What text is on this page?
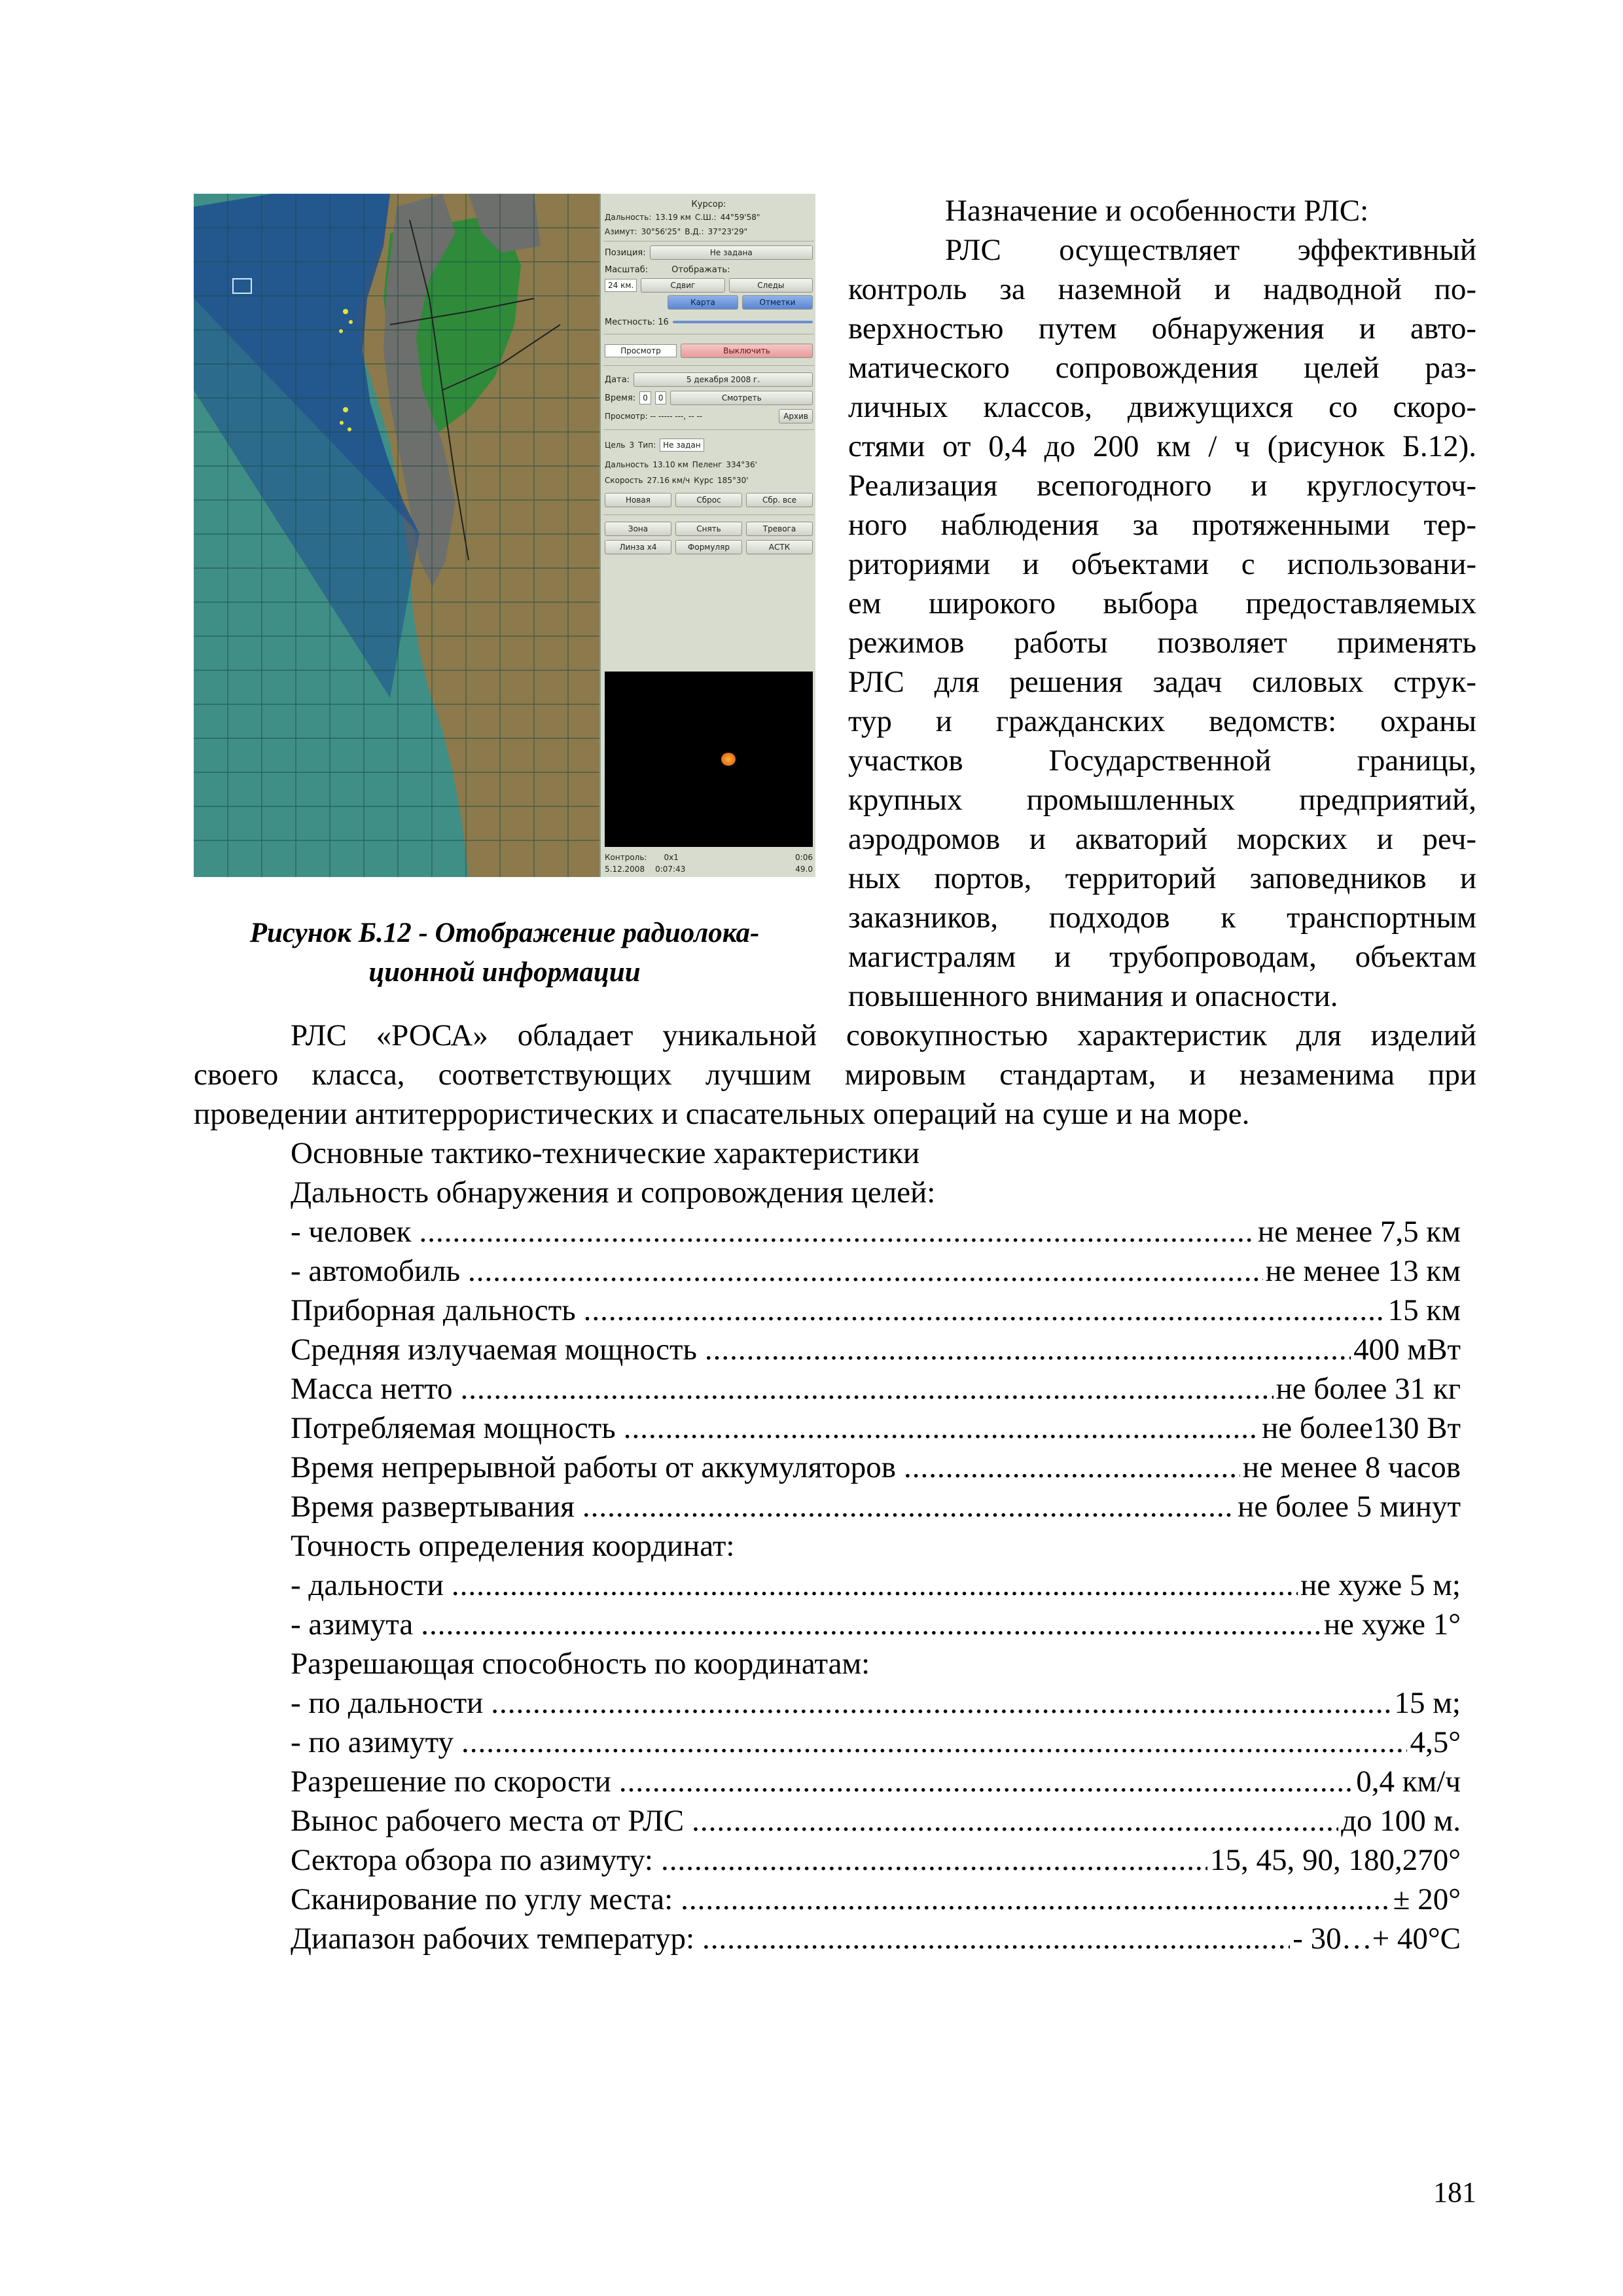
Курсор:
Дальность: 13.19 км С.Ш.: 44°59'58"
Азимут: 30°56'25" В.Д.: 37°23'29"
Позиция:	Не задана
Масштаб:	Отображать:
24 км.	Сдвиг	Следы
Карта	Отметки
Местность: 16
Просмотр	Выключить
Дата:	5 декабря 2008 г.
Время: 0	0	Смотреть
Просмотр: -- ----- ---, -- --	Архив
Цель 3 Тип: Не задан
Дальность 13.10 км Пеленг 334°36'
Скорость 27.16 км/ч Курс 185°30'
Новая	Сброс	Сбр. все
Зона	Снять	Тревога
Линза x4	Формуляр	АСТК
Контроль: 0x1	0:06
5.12.2008 0:07:43	49.0
Рисунок Б.12 - Отображение радиолока-
ционной информации
Назначение и особенности РЛС:
РЛС осуществляет эффективный
контроль за наземной и надводной по-
верхностью путем обнаружения и авто-
матического сопровождения целей раз-
личных классов, движущихся со скоро-
стями от 0,4 до 200 км / ч (рисунок Б.12).
Реализация всепогодного и круглосуточ-
ного наблюдения за протяженными тер-
риториями и объектами с использовани-
ем широкого выбора предоставляемых
режимов работы позволяет применять
РЛС для решения задач силовых струк-
тур и гражданских ведомств: охраны
участков Государственной границы,
крупных промышленных предприятий,
аэродромов и акваторий морских и реч-
ных портов, территорий заповедников и
заказников, подходов к транспортным
магистралям и трубопроводам, объектам
повышенного внимания и опасности.
РЛС «РОСА» обладает уникальной совокупностью характеристик для изделий
своего класса, соответствующих лучшим мировым стандартам, и незаменима при
проведении антитеррористических и спасательных операций на суше и на море.
Основные тактико-технические характеристики
Дальность обнаружения и сопровождения целей:
- человек .....	не менее 7,5 км
- автомобиль .....	не менее 13 км
Приборная дальность .....	15 км
Средняя излучаемая мощность .....	400 мВт
Масса нетто .....	не более 31 кг
Потребляемая мощность .....	не более130 Вт
Время непрерывной работы от аккумуляторов .....	не менее 8 часов
Время развертывания .....	не более 5 минут
Точность определения координат:
- дальности .....	не хуже 5 м;
- азимута .....	не хуже 1°
Разрешающая способность по координатам:
- по дальности .....	15 м;
- по азимуту .....	4,5°
Разрешение по скорости .....	0,4 км/ч
Вынос рабочего места от РЛС .....	до 100 м.
Сектора обзора по азимуту: .....	15, 45, 90, 180,270°
Сканирование по углу места: .....	± 20°
Диапазон рабочих температур: .....	- 30…+ 40°С
181
